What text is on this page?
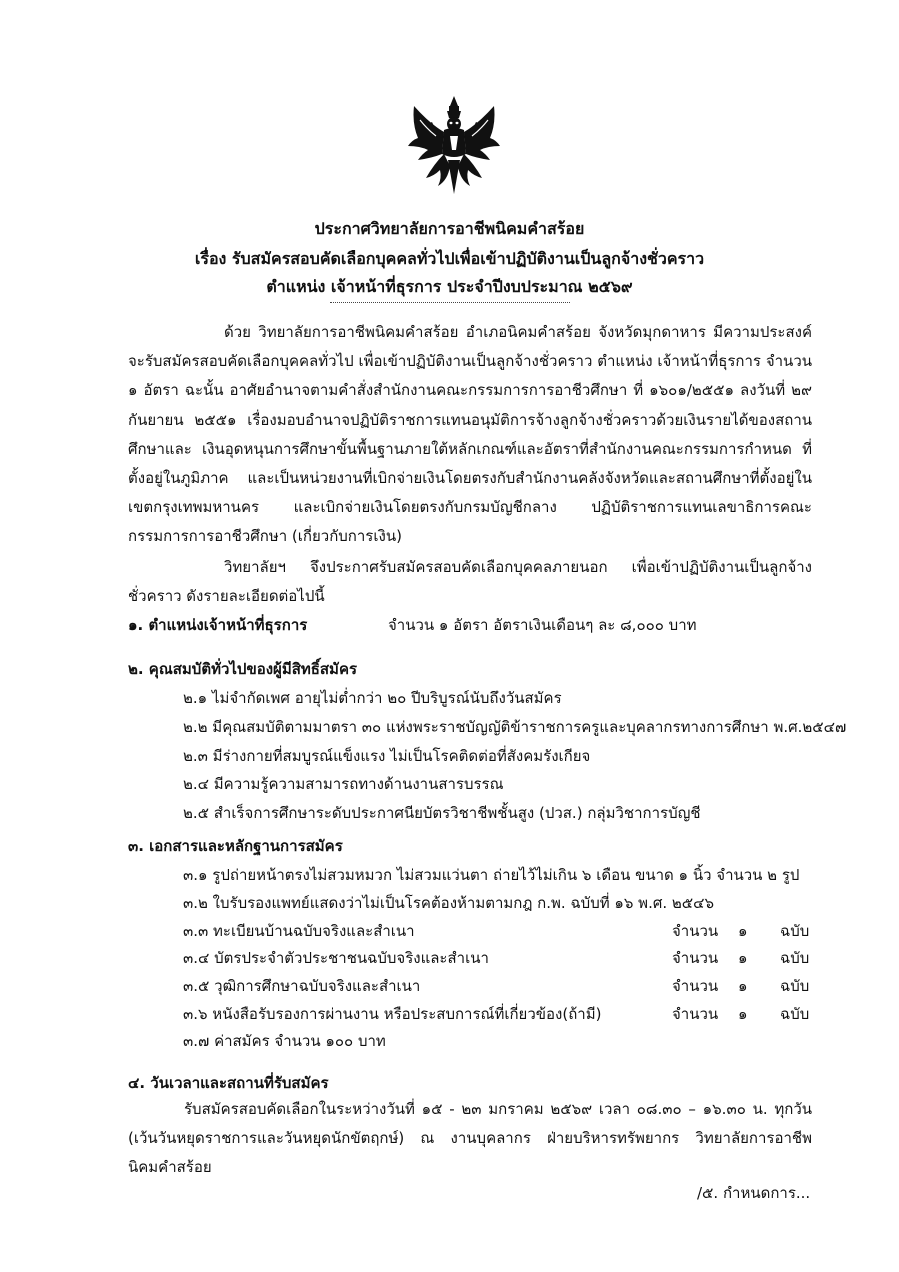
ประกาศวิทยาลัยการอาชีพนิคมคำสร้อย
เรื่อง รับสมัครสอบคัดเลือกบุคคลทั่วไปเพื่อเข้าปฏิบัติงานเป็นลูกจ้างชั่วคราว
ตำแหน่ง เจ้าหน้าที่ธุรการ ประจำปีงบประมาณ ๒๕๖๙
ด้วย วิทยาลัยการอาชีพนิคมคำสร้อย อำเภอนิคมคำสร้อย จังหวัดมุกดาหาร มีความประสงค์จะรับสมัครสอบคัดเลือกบุคคลทั่วไป เพื่อเข้าปฏิบัติงานเป็นลูกจ้างชั่วคราว ตำแหน่ง เจ้าหน้าที่ธุรการ จำนวน ๑ อัตรา ฉะนั้น อาศัยอำนาจตามคำสั่งสำนักงานคณะกรรมการการอาชีวศึกษา ที่ ๑๖๐๑/๒๕๕๑ ลงวันที่ ๒๙ กันยายน ๒๕๕๑ เรื่องมอบอำนาจปฏิบัติราชการแทนอนุมัติการจ้างลูกจ้างชั่วคราวด้วยเงินรายได้ของสถานศึกษาและ เงินอุดหนุนการศึกษาขั้นพื้นฐานภายใต้หลักเกณฑ์และอัตราที่สำนักงานคณะกรรมการกำหนด ที่ตั้งอยู่ในภูมิภาค และเป็นหน่วยงานที่เบิกจ่ายเงินโดยตรงกับสำนักงานคลังจังหวัดและสถานศึกษาที่ตั้งอยู่ในเขตกรุงเทพมหานคร และเบิกจ่ายเงินโดยตรงกับกรมบัญชีกลาง ปฏิบัติราชการแทนเลขาธิการคณะกรรมการการอาชีวศึกษา (เกี่ยวกับการเงิน)
วิทยาลัยฯ จึงประกาศรับสมัครสอบคัดเลือกบุคคลภายนอก เพื่อเข้าปฏิบัติงานเป็นลูกจ้างชั่วคราว ดังรายละเอียดต่อไปนี้
๑. ตำแหน่งเจ้าหน้าที่ธุรการ	จำนวน ๑ อัตรา อัตราเงินเดือนๆ ละ ๘,๐๐๐ บาท
๒. คุณสมบัติทั่วไปของผู้มีสิทธิ์สมัคร
๒.๑ ไม่จำกัดเพศ อายุไม่ต่ำกว่า ๒๐ ปีบริบูรณ์นับถึงวันสมัคร
๒.๒ มีคุณสมบัติตามมาตรา ๓๐ แห่งพระราชบัญญัติข้าราชการครูและบุคลากรทางการศึกษา พ.ศ.๒๕๔๗
๒.๓ มีร่างกายที่สมบูรณ์แข็งแรง ไม่เป็นโรคติดต่อที่สังคมรังเกียจ
๒.๔ มีความรู้ความสามารถทางด้านงานสารบรรณ
๒.๕ สำเร็จการศึกษาระดับประกาศนียบัตรวิชาชีพชั้นสูง (ปวส.) กลุ่มวิชาการบัญชี
๓. เอกสารและหลักฐานการสมัคร
๓.๑ รูปถ่ายหน้าตรงไม่สวมหมวก ไม่สวมแว่นตา ถ่ายไว้ไม่เกิน ๖ เดือน ขนาด ๑ นิ้ว จำนวน ๒ รูป
๓.๒ ใบรับรองแพทย์แสดงว่าไม่เป็นโรคต้องห้ามตามกฎ ก.พ. ฉบับที่ ๑๖ พ.ศ. ๒๕๔๖
๓.๓ ทะเบียนบ้านฉบับจริงและสำเนา	จำนวน ๑ ฉบับ
๓.๔ บัตรประจำตัวประชาชนฉบับจริงและสำเนา	จำนวน ๑ ฉบับ
๓.๕ วุฒิการศึกษาฉบับจริงและสำเนา	จำนวน ๑ ฉบับ
๓.๖ หนังสือรับรองการผ่านงาน หรือประสบการณ์ที่เกี่ยวข้อง(ถ้ามี)	จำนวน ๑ ฉบับ
๓.๗ ค่าสมัคร จำนวน ๑๐๐ บาท
๔. วันเวลาและสถานที่รับสมัคร
รับสมัครสอบคัดเลือกในระหว่างวันที่ ๑๕ - ๒๓ มกราคม ๒๕๖๙ เวลา ๐๘.๓๐ – ๑๖.๓๐ น. ทุกวัน (เว้นวันหยุดราชการและวันหยุดนักขัตฤกษ์) ณ งานบุคลากร ฝ่ายบริหารทรัพยากร วิทยาลัยการอาชีพนิคมคำสร้อย
/๕. กำหนดการ...
